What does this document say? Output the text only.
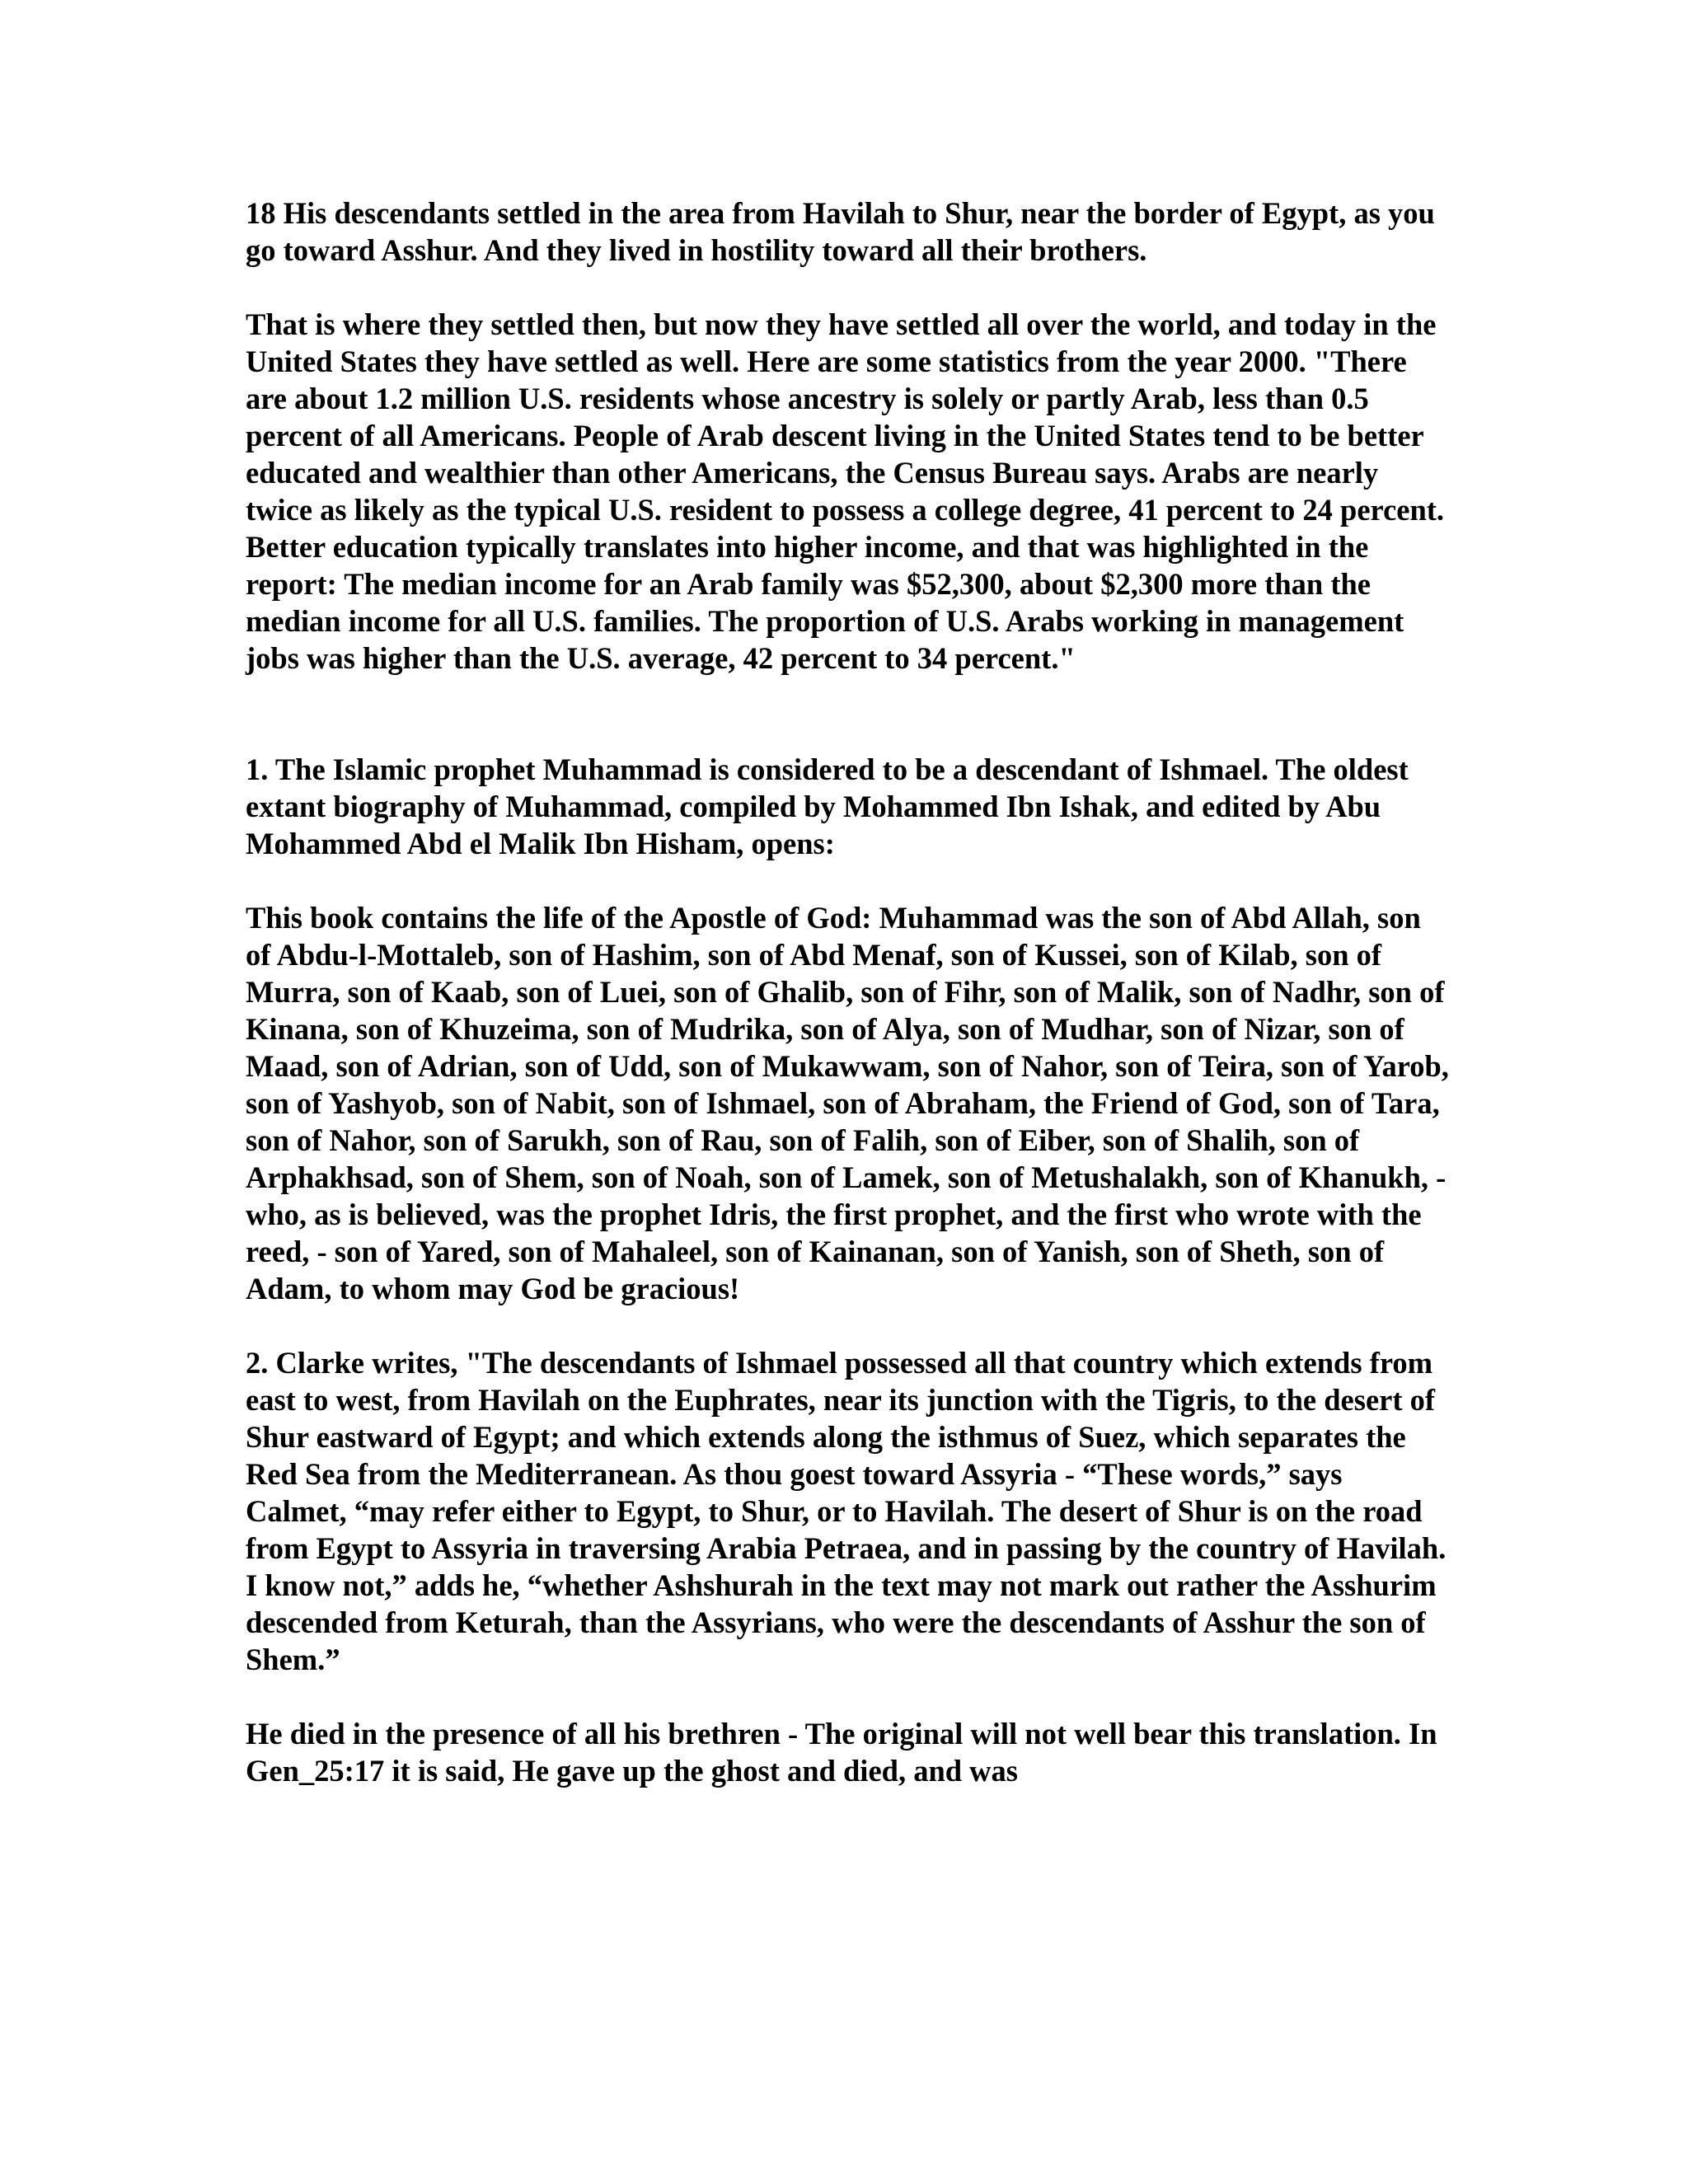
18 His descendants settled in the area from Havilah to Shur, near the border of Egypt, as you go toward Asshur. And they lived in hostility toward all their brothers.

That is where they settled then, but now they have settled all over the world, and today in the United States they have settled as well. Here are some statistics from the year 2000. "There are about 1.2 million U.S. residents whose ancestry is solely or partly Arab, less than 0.5 percent of all Americans. People of Arab descent living in the United States tend to be better educated and wealthier than other Americans, the Census Bureau says. Arabs are nearly twice as likely as the typical U.S. resident to possess a college degree, 41 percent to 24 percent. Better education typically translates into higher income, and that was highlighted in the report: The median income for an Arab family was $52,300, about $2,300 more than the median income for all U.S. families. The proportion of U.S. Arabs working in management jobs was higher than the U.S. average, 42 percent to 34 percent."

1. The Islamic prophet Muhammad is considered to be a descendant of Ishmael. The oldest extant biography of Muhammad, compiled by Mohammed Ibn Ishak, and edited by Abu Mohammed Abd el Malik Ibn Hisham, opens:

This book contains the life of the Apostle of God: Muhammad was the son of Abd Allah, son of Abdu-l-Mottaleb, son of Hashim, son of Abd Menaf, son of Kussei, son of Kilab, son of Murra, son of Kaab, son of Luei, son of Ghalib, son of Fihr, son of Malik, son of Nadhr, son of Kinana, son of Khuzeima, son of Mudrika, son of Alya, son of Mudhar, son of Nizar, son of Maad, son of Adrian, son of Udd, son of Mukawwam, son of Nahor, son of Teira, son of Yarob, son of Yashyob, son of Nabit, son of Ishmael, son of Abraham, the Friend of God, son of Tara, son of Nahor, son of Sarukh, son of Rau, son of Falih, son of Eiber, son of Shalih, son of Arphakhsad, son of Shem, son of Noah, son of Lamek, son of Metushalakh, son of Khanukh, - who, as is believed, was the prophet Idris, the first prophet, and the first who wrote with the reed, - son of Yared, son of Mahaleel, son of Kainanan, son of Yanish, son of Sheth, son of Adam, to whom may God be gracious!

2. Clarke writes, "The descendants of Ishmael possessed all that country which extends from east to west, from Havilah on the Euphrates, near its junction with the Tigris, to the desert of Shur eastward of Egypt; and which extends along the isthmus of Suez, which separates the Red Sea from the Mediterranean. As thou goest toward Assyria - “These words,” says Calmet, “may refer either to Egypt, to Shur, or to Havilah. The desert of Shur is on the road from Egypt to Assyria in traversing Arabia Petraea, and in passing by the country of Havilah. I know not,” adds he, “whether Ashshurah in the text may not mark out rather the Asshurim descended from Keturah, than the Assyrians, who were the descendants of Asshur the son of Shem.”

He died in the presence of all his brethren - The original will not well bear this translation. In Gen_25:17 it is said, He gave up the ghost and died, and was
